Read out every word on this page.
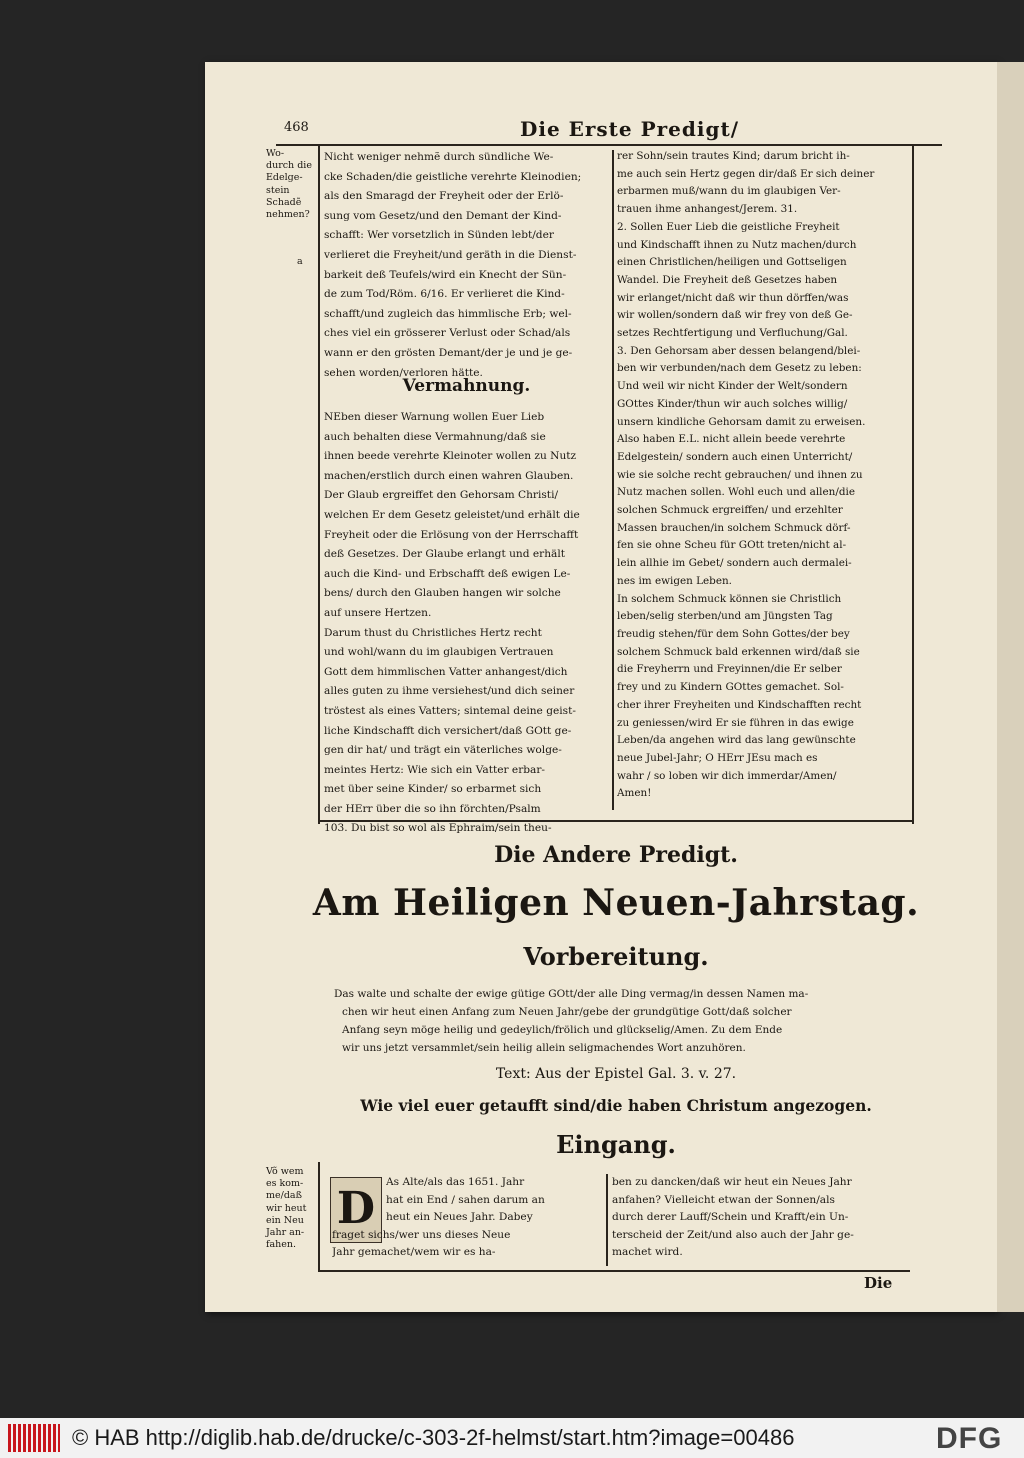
468	Die Erste Predigt/
Wo-
durch die
Edelge-
stein
Schadẽ
nehmen?
a
Nicht weniger nehmẽ durch sündliche We-
cke Schaden/die geistliche verehrte Kleinodien;
als den Smaragd der Freyheit oder der Erlö-
sung vom Gesetz/und den Demant der Kind-
schafft: Wer vorsetzlich in Sünden lebt/der
verlieret die Freyheit/und geräth in die Dienst-
barkeit deß Teufels/wird ein Knecht der Sün-
de zum Tod/Röm. 6/16. Er verlieret die Kind-
schafft/und zugleich das himmlische Erb; wel-
ches viel ein grösserer Verlust oder Schad/als
wann er den grösten Demant/der je und je ge-
sehen worden/verloren hätte.
Vermahnung.
NEben dieser Warnung wollen Euer Lieb
auch behalten diese Vermahnung/daß sie
ihnen beede verehrte Kleinoter wollen zu Nutz
machen/erstlich durch einen wahren Glauben.
Der Glaub ergreiffet den Gehorsam Christi/
welchen Er dem Gesetz geleistet/und erhält die
Freyheit oder die Erlösung von der Herrschafft
deß Gesetzes. Der Glaube erlangt und erhält
auch die Kind- und Erbschafft deß ewigen Le-
bens/ durch den Glauben hangen wir solche
auf unsere Hertzen.
Darum thust du Christliches Hertz recht
und wohl/wann du im glaubigen Vertrauen
Gott dem himmlischen Vatter anhangest/dich
alles guten zu ihme versiehest/und dich seiner
tröstest als eines Vatters; sintemal deine geist-
liche Kindschafft dich versichert/daß GOtt ge-
gen dir hat/ und trägt ein väterliches wolge-
meintes Hertz: Wie sich ein Vatter erbar-
met über seine Kinder/ so erbarmet sich
der HErr über die so ihn förchten/Psalm
103. Du bist so wol als Ephraim/sein theu-
rer Sohn/sein trautes Kind; darum bricht ih-
me auch sein Hertz gegen dir/daß Er sich deiner
erbarmen muß/wann du im glaubigen Ver-
trauen ihme anhangest/Jerem. 31.
2. Sollen Euer Lieb die geistliche Freyheit
und Kindschafft ihnen zu Nutz machen/durch
einen Christlichen/heiligen und Gottseligen
Wandel. Die Freyheit deß Gesetzes haben
wir erlanget/nicht daß wir thun dörffen/was
wir wollen/sondern daß wir frey von deß Ge-
setzes Rechtfertigung und Verfluchung/Gal.
3. Den Gehorsam aber dessen belangend/blei-
ben wir verbunden/nach dem Gesetz zu leben:
Und weil wir nicht Kinder der Welt/sondern
GOttes Kinder/thun wir auch solches willig/
unsern kindliche Gehorsam damit zu erweisen.
Also haben E.L. nicht allein beede verehrte
Edelgestein/ sondern auch einen Unterricht/
wie sie solche recht gebrauchen/ und ihnen zu
Nutz machen sollen. Wohl euch und allen/die
solchen Schmuck ergreiffen/ und erzehlter
Massen brauchen/in solchem Schmuck dörf-
fen sie ohne Scheu für GOtt treten/nicht al-
lein allhie im Gebet/ sondern auch dermalei-
nes im ewigen Leben.
In solchem Schmuck können sie Christlich
leben/selig sterben/und am Jüngsten Tag
freudig stehen/für dem Sohn Gottes/der bey
solchem Schmuck bald erkennen wird/daß sie
die Freyherrn und Freyinnen/die Er selber
frey und zu Kindern GOttes gemachet. Sol-
cher ihrer Freyheiten und Kindschafften recht
zu geniessen/wird Er sie führen in das ewige
Leben/da angehen wird das lang gewünschte
neue Jubel-Jahr; O HErr JEsu mach es
wahr / so loben wir dich immerdar/Amen/
Amen!
Die Andere Predigt.
Am Heiligen Neuen-Jahrstag.
Vorbereitung.
Das walte und schalte der ewige gütige GOtt/der alle Ding vermag/in dessen Namen ma-
chen wir heut einen Anfang zum Neuen Jahr/gebe der grundgütige Gott/daß solcher
Anfang seyn möge heilig und gedeylich/frölich und glückselig/Amen. Zu dem Ende
wir uns jetzt versammlet/sein heilig allein seligmachendes Wort anzuhören.
Text: Aus der Epistel Gal. 3. v. 27.
Wie viel euer getaufft sind/die haben Christum angezogen.
Eingang.
Võ wem
es kom-
me/daß
wir heut
ein Neu
Jahr an-
fahen.
D
As Alte/als das 1651. Jahr
hat ein End / sahen darum an
heut ein Neues Jahr. Dabey
fraget sichs/wer uns dieses Neue
Jahr gemachet/wem wir es ha-
ben zu dancken/daß wir heut ein Neues Jahr
anfahen? Vielleicht etwan der Sonnen/als
durch derer Lauff/Schein und Krafft/ein Un-
terscheid der Zeit/und also auch der Jahr ge-
machet wird.
Die
© HAB http://diglib.hab.de/drucke/c-303-2f-helmst/start.htm?image=00486	DFG
